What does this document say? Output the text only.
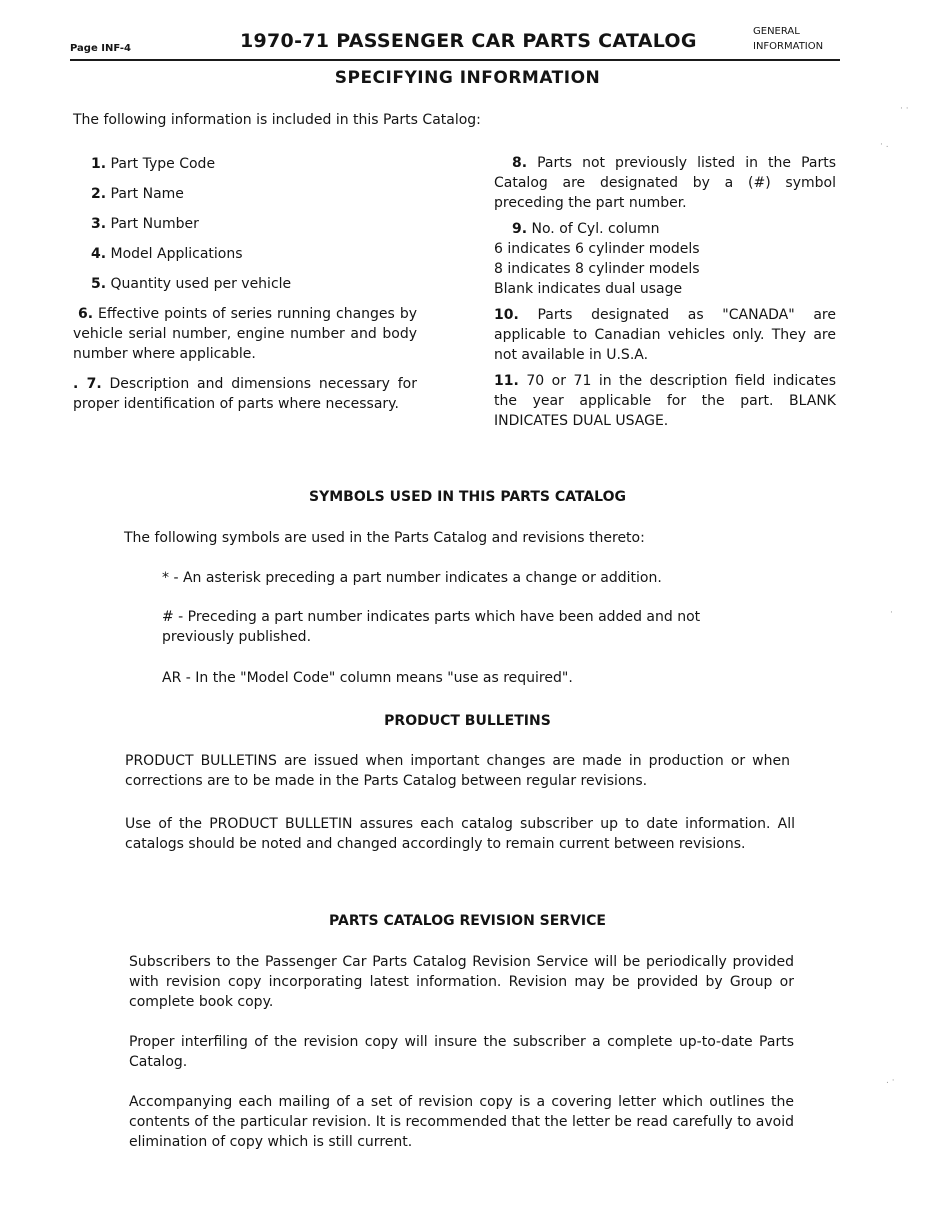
Page INF-4	1970-71 PASSENGER CAR PARTS CATALOG	GENERAL
INFORMATION
SPECIFYING INFORMATION
The following information is included in this Parts Catalog:
1. Part Type Code
2. Part Name
3. Part Number
4. Model Applications
5. Quantity used per vehicle
6. Effective points of series running changes by vehicle serial number, engine number and body number where applicable.
. 7. Description and dimensions necessary for proper identification of parts where necessary.
8. Parts not previously listed in the Parts Catalog are designated by a (#) symbol preceding the part number.
9. No. of Cyl. column
6 indicates 6 cylinder models
8 indicates 8 cylinder models
Blank indicates dual usage
10. Parts designated as "CANADA" are applicable to Canadian vehicles only. They are not available in U.S.A.
11. 70 or 71 in the description field indicates the year applicable for the part. BLANK INDICATES DUAL USAGE.
SYMBOLS USED IN THIS PARTS CATALOG

The following symbols are used in the Parts Catalog and revisions thereto:

* - An asterisk preceding a part number indicates a change or addition.

# - Preceding a part number indicates parts which have been added and not previously published.

AR - In the "Model Code" column means "use as required".

PRODUCT BULLETINS

PRODUCT BULLETINS are issued when important changes are made in production or when corrections are to be made in the Parts Catalog between regular revisions.

Use of the PRODUCT BULLETIN assures each catalog subscriber up to date information. All catalogs should be noted and changed accordingly to remain current between revisions.

PARTS CATALOG REVISION SERVICE

Subscribers to the Passenger Car Parts Catalog Revision Service will be periodically provided with revision copy incorporating latest information. Revision may be provided by Group or complete book copy.

Proper interfiling of the revision copy will insure the subscriber a complete up-to-date Parts Catalog.

Accompanying each mailing of a set of revision copy is a covering letter which outlines the contents of the particular revision. It is recommended that the letter be read carefully to avoid elimination of copy which is still current.

· ·
· .
·
. ·
